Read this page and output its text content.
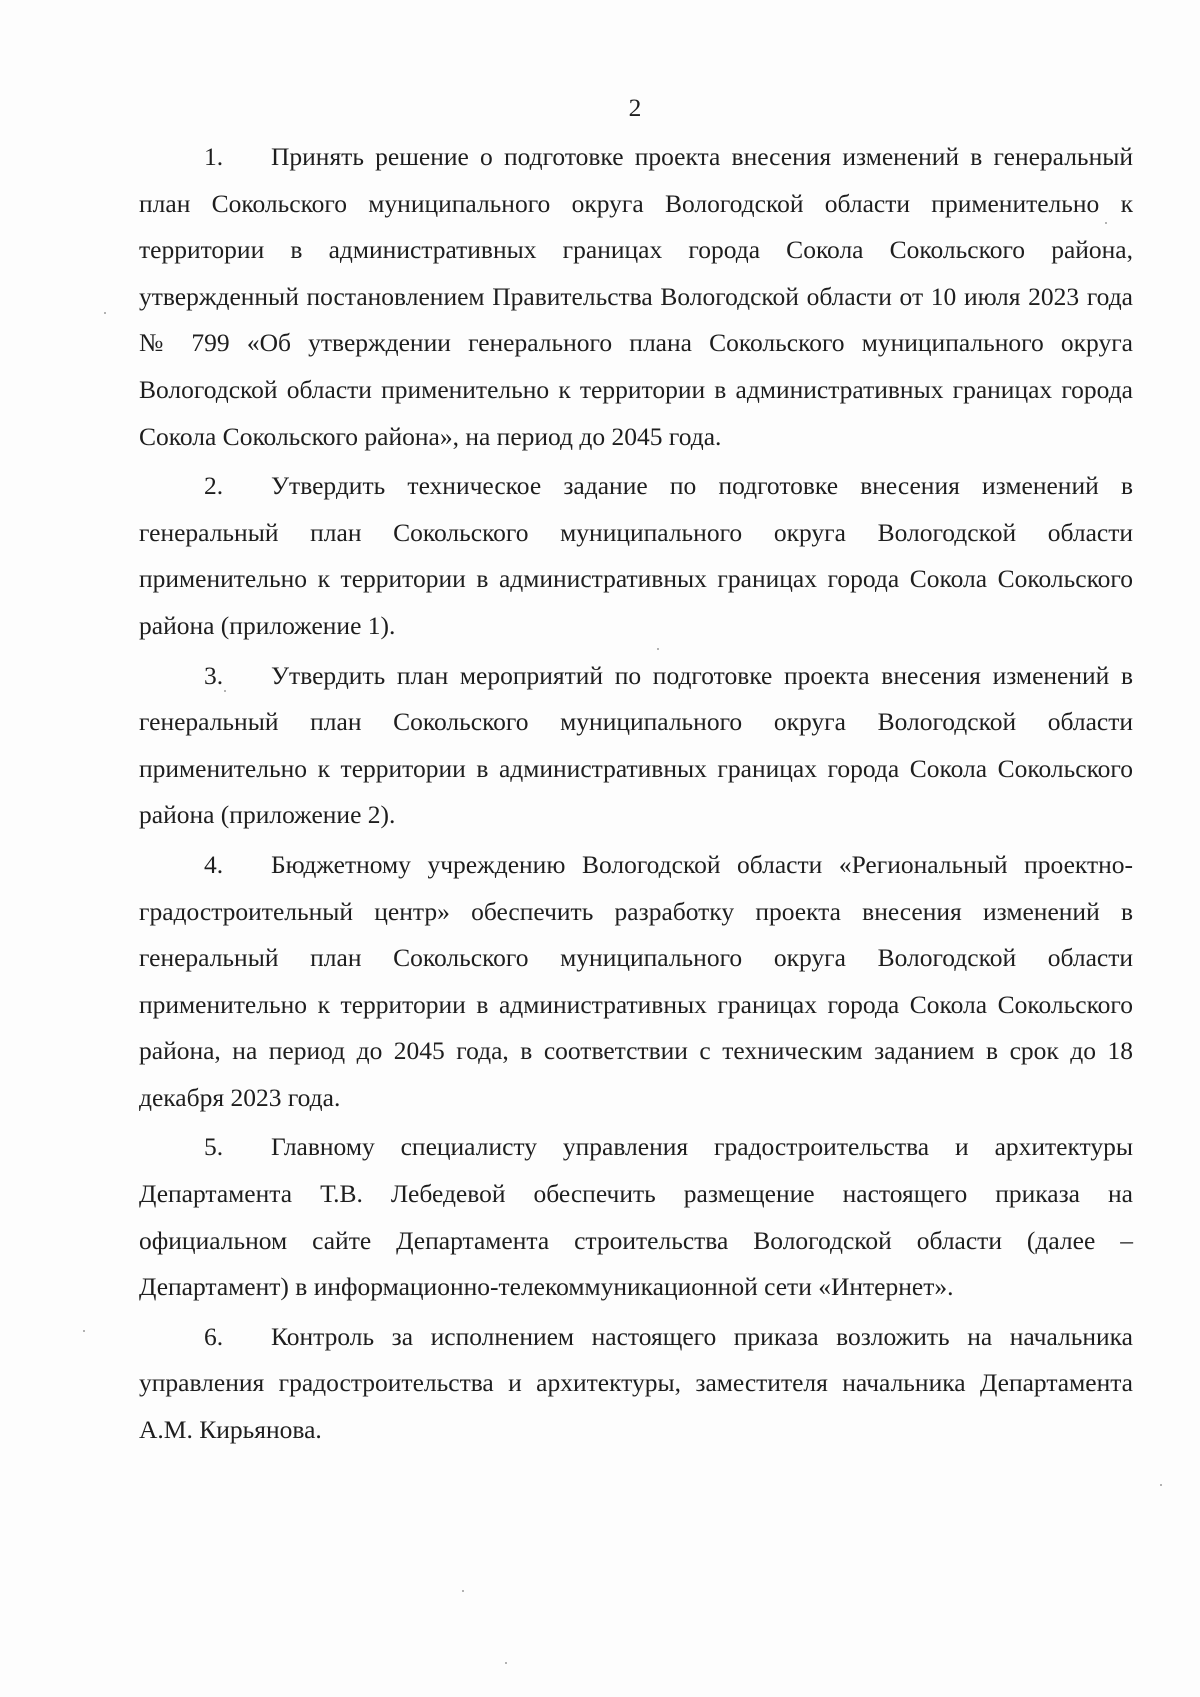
2

1. Принять решение о подготовке проекта внесения изменений в генеральный план Сокольского муниципального округа Вологодской области применительно к территории в административных границах города Сокола Сокольского района, утвержденный постановлением Правительства Вологодской области от 10 июля 2023 года № 799 «Об утверждении генерального плана Сокольского муниципального округа Вологодской области применительно к территории в административных границах города Сокола Сокольского района», на период до 2045 года.

2. Утвердить техническое задание по подготовке внесения изменений в генеральный план Сокольского муниципального округа Вологодской области применительно к территории в административных границах города Сокола Сокольского района (приложение 1).

3. Утвердить план мероприятий по подготовке проекта внесения изменений в генеральный план Сокольского муниципального округа Вологодской области применительно к территории в административных границах города Сокола Сокольского района (приложение 2).

4. Бюджетному учреждению Вологодской области «Региональный проектно-градостроительный центр» обеспечить разработку проекта внесения изменений в генеральный план Сокольского муниципального округа Вологодской области применительно к территории в административных границах города Сокола Сокольского района, на период до 2045 года, в соответствии с техническим заданием в срок до 18 декабря 2023 года.

5. Главному специалисту управления градостроительства и архитектуры Департамента Т.В. Лебедевой обеспечить размещение настоящего приказа на официальном сайте Департамента строительства Вологодской области (далее – Департамент) в информационно-телекоммуникационной сети «Интернет».

6. Контроль за исполнением настоящего приказа возложить на начальника управления градостроительства и архитектуры, заместителя начальника Департамента А.М. Кирьянова.
